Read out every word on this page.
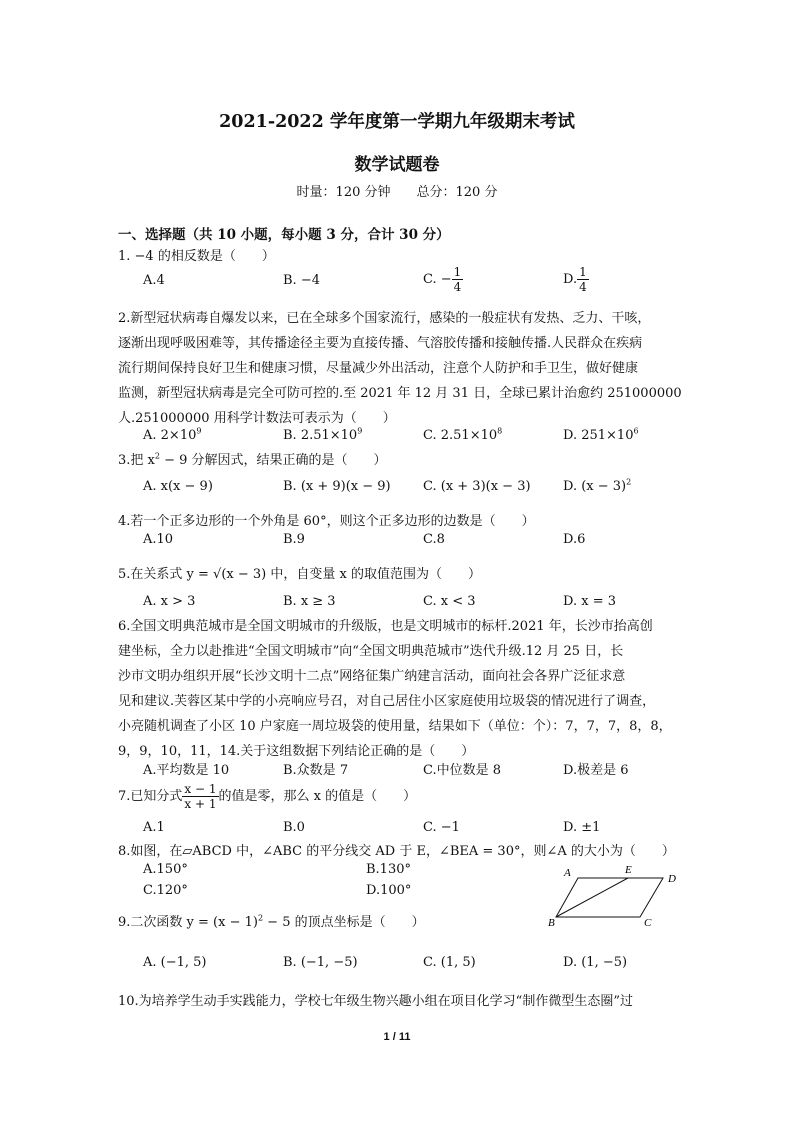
2021-2022 学年度第一学期九年级期末考试
数学试题卷
时量：120 分钟　　总分：120 分
一、选择题（共 10 小题，每小题 3 分，合计 30 分）
1. −4 的相反数是（　　）
A.4	B. −4	C. − $\frac{1}{4}$	D. $\frac{1}{4}$
2.新型冠状病毒自爆发以来，已在全球多个国家流行，感染的一般症状有发热、乏力、干咳，
逐渐出现呼吸困难等，其传播途径主要为直接传播、气溶胶传播和接触传播.人民群众在疾病
流行期间保持良好卫生和健康习惯，尽量减少外出活动，注意个人防护和手卫生，做好健康
监测，新型冠状病毒是完全可防可控的.至 2021 年 12 月 31 日，全球已累计治愈约 251000000
人.251000000 用科学计数法可表示为（　　）
A. $2\times 10^9$	B. $2.51\times 10^9$	C. $2.51\times 10^8$	D. $251\times 10^6$
3.把 $x^2 - 9$ 分解因式，结果正确的是（　　）
A. x(x − 9)	B. (x + 9)(x − 9) C. (x + 3)(x − 3) D. $(x - 3)^2$
4.若一个正多边形的一个外角是 60°，则这个正多边形的边数是（　　）
A.10	B.9	C.8	D.6
5.在关系式 y = √(x − 3) 中，自变量 x 的取值范围为（　　）
A. x > 3	B. x ≥ 3	C. x < 3	D. x = 3
6.全国文明典范城市是全国文明城市的升级版，也是文明城市的标杆.2021 年，长沙市抬高创
建坐标，全力以赴推进“全国文明城市”向“全国文明典范城市”迭代升级.12 月 25 日，长
沙市文明办组织开展“长沙文明十二点”网络征集广纳建言活动，面向社会各界广泛征求意
见和建议.芙蓉区某中学的小亮响应号召，对自己居住小区家庭使用垃圾袋的情况进行了调查，
小亮随机调查了小区 10 户家庭一周垃圾袋的使用量，结果如下（单位：个）：7，7，7，8，8，
9，9，10，11，14.关于这组数据下列结论正确的是（　　）
A.平均数是 10	B.众数是 7	C.中位数是 8	D.极差是 6
7.已知分式 $\frac{x - 1}{x + 1}$ 的值是零，那么 x 的值是（　　）
A.1	B.0	C. −1	D. ±1
8.如图，在▱ABCD 中，∠ABC 的平分线交 AD 于 E，∠BEA = 30°，则∠A 的大小为（　　）
A.150°	B.130°
C.120°	D.100°
A	E
D
B	C
9.二次函数 $y = (x - 1)^2 - 5$ 的顶点坐标是（　　）
A. (−1, 5)	B. (−1, −5)	C. (1, 5)	D. (1, −5)
10.为培养学生动手实践能力，学校七年级生物兴趣小组在项目化学习“制作微型生态圈”过
1 / 11
